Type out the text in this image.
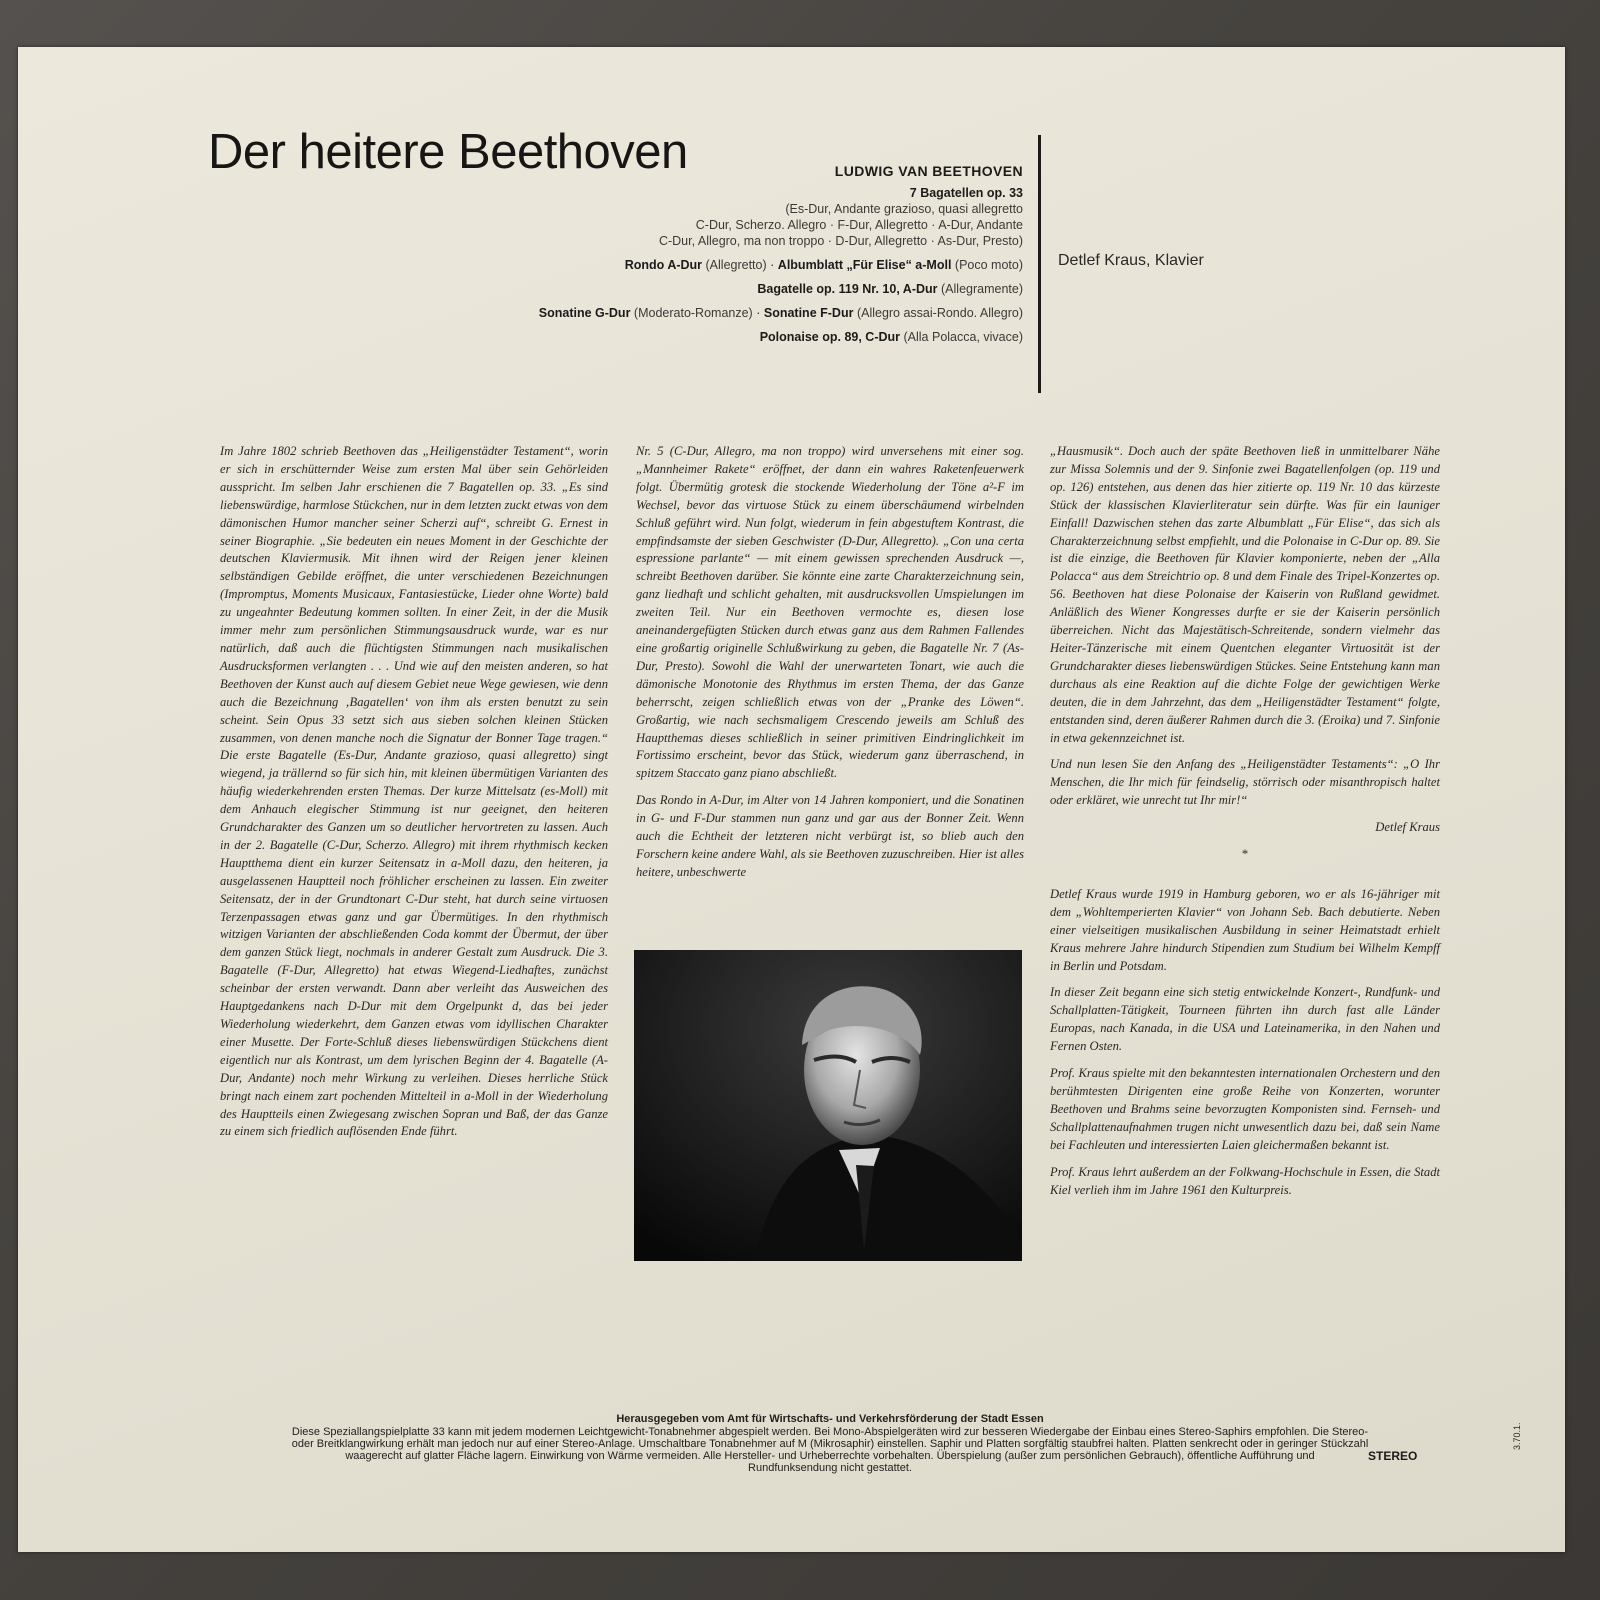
Der heitere Beethoven	LUDWIG VAN BEETHOVEN
7 Bagatellen op. 33
(Es-Dur, Andante grazioso, quasi allegretto
C-Dur, Scherzo. Allegro · F-Dur, Allegretto · A-Dur, Andante
C-Dur, Allegro, ma non troppo · D-Dur, Allegretto · As-Dur, Presto)
Rondo A-Dur (Allegretto) · Albumblatt „Für Elise“ a-Moll (Poco moto)
Bagatelle op. 119 Nr. 10, A-Dur (Allegramente)
Sonatine G-Dur (Moderato-Romanze) · Sonatine F-Dur (Allegro assai-Rondo. Allegro)
Polonaise op. 89, C-Dur (Alla Polacca, vivace)
Detlef Kraus, Klavier

Im Jahre 1802 schrieb Beethoven das „Heiligenstädter Testament“, worin er sich in erschütternder Weise zum ersten Mal über sein Gehörleiden ausspricht. Im selben Jahr erschienen die 7 Bagatellen op. 33. „Es sind liebenswürdige, harmlose Stückchen, nur in dem letzten zuckt etwas von dem dämonischen Humor mancher seiner Scherzi auf“, schreibt G. Ernest in seiner Biographie. „Sie bedeuten ein neues Moment in der Geschichte der deutschen Klaviermusik. Mit ihnen wird der Reigen jener kleinen selbständigen Gebilde eröffnet, die unter verschiedenen Bezeichnungen (Impromptus, Moments Musicaux, Fantasiestücke, Lieder ohne Worte) bald zu ungeahnter Bedeutung kommen sollten. In einer Zeit, in der die Musik immer mehr zum persönlichen Stimmungsausdruck wurde, war es nur natürlich, daß auch die flüchtigsten Stimmungen nach musikalischen Ausdrucksformen verlangten . . . Und wie auf den meisten anderen, so hat Beethoven der Kunst auch auf diesem Gebiet neue Wege gewiesen, wie denn auch die Bezeichnung ‚Bagatellen‘ von ihm als ersten benutzt zu sein scheint. Sein Opus 33 setzt sich aus sieben solchen kleinen Stücken zusammen, von denen manche noch die Signatur der Bonner Tage tragen.“ Die erste Bagatelle (Es-Dur, Andante grazioso, quasi allegretto) singt wiegend, ja trällernd so für sich hin, mit kleinen übermütigen Varianten des häufig wiederkehrenden ersten Themas. Der kurze Mittelsatz (es-Moll) mit dem Anhauch elegischer Stimmung ist nur geeignet, den heiteren Grundcharakter des Ganzen um so deutlicher hervortreten zu lassen. Auch in der 2. Bagatelle (C-Dur, Scherzo. Allegro) mit ihrem rhythmisch kecken Hauptthema dient ein kurzer Seitensatz in a-Moll dazu, den heiteren, ja ausgelassenen Hauptteil noch fröhlicher erscheinen zu lassen. Ein zweiter Seitensatz, der in der Grundtonart C-Dur steht, hat durch seine virtuosen Terzenpassagen etwas ganz und gar Übermütiges. In den rhythmisch witzigen Varianten der abschließenden Coda kommt der Übermut, der über dem ganzen Stück liegt, nochmals in anderer Gestalt zum Ausdruck. Die 3. Bagatelle (F-Dur, Allegretto) hat etwas Wiegend-Liedhaftes, zunächst scheinbar der ersten verwandt. Dann aber verleiht das Ausweichen des Hauptgedankens nach D-Dur mit dem Orgelpunkt d, das bei jeder Wiederholung wiederkehrt, dem Ganzen etwas vom idyllischen Charakter einer Musette. Der Forte-Schluß dieses liebenswürdigen Stückchens dient eigentlich nur als Kontrast, um dem lyrischen Beginn der 4. Bagatelle (A-Dur, Andante) noch mehr Wirkung zu verleihen. Dieses herrliche Stück bringt nach einem zart pochenden Mittelteil in a-Moll in der Wiederholung des Hauptteils einen Zwiegesang zwischen Sopran und Baß, der das Ganze zu einem sich friedlich auflösenden Ende führt.

Nr. 5 (C-Dur, Allegro, ma non troppo) wird unversehens mit einer sog. „Mannheimer Rakete“ eröffnet, der dann ein wahres Raketenfeuerwerk folgt. Übermütig grotesk die stockende Wiederholung der Töne a²-F im Wechsel, bevor das virtuose Stück zu einem überschäumend wirbelnden Schluß geführt wird. Nun folgt, wiederum in fein abgestuftem Kontrast, die empfindsamste der sieben Geschwister (D-Dur, Allegretto). „Con una certa espressione parlante“ — mit einem gewissen sprechenden Ausdruck —, schreibt Beethoven darüber. Sie könnte eine zarte Charakterzeichnung sein, ganz liedhaft und schlicht gehalten, mit ausdrucksvollen Umspielungen im zweiten Teil. Nur ein Beethoven vermochte es, diesen lose aneinandergefügten Stücken durch etwas ganz aus dem Rahmen Fallendes eine großartig originelle Schlußwirkung zu geben, die Bagatelle Nr. 7 (As-Dur, Presto). Sowohl die Wahl der unerwarteten Tonart, wie auch die dämonische Monotonie des Rhythmus im ersten Thema, der das Ganze beherrscht, zeigen schließlich etwas von der „Pranke des Löwen“. Großartig, wie nach sechsmaligem Crescendo jeweils am Schluß des Hauptthemas dieses schließlich in seiner primitiven Eindringlichkeit im Fortissimo erscheint, bevor das Stück, wiederum ganz überraschend, in spitzem Staccato ganz piano abschließt.

Das Rondo in A-Dur, im Alter von 14 Jahren komponiert, und die Sonatinen in G- und F-Dur stammen nun ganz und gar aus der Bonner Zeit. Wenn auch die Echtheit der letzteren nicht verbürgt ist, so blieb auch den Forschern keine andere Wahl, als sie Beethoven zuzuschreiben. Hier ist alles heitere, unbeschwerte

„Hausmusik“. Doch auch der späte Beethoven ließ in unmittelbarer Nähe zur Missa Solemnis und der 9. Sinfonie zwei Bagatellenfolgen (op. 119 und op. 126) entstehen, aus denen das hier zitierte op. 119 Nr. 10 das kürzeste Stück der klassischen Klavierliteratur sein dürfte. Was für ein launiger Einfall! Dazwischen stehen das zarte Albumblatt „Für Elise“, das sich als Charakterzeichnung selbst empfiehlt, und die Polonaise in C-Dur op. 89. Sie ist die einzige, die Beethoven für Klavier komponierte, neben der „Alla Polacca“ aus dem Streichtrio op. 8 und dem Finale des Tripel-Konzertes op. 56. Beethoven hat diese Polonaise der Kaiserin von Rußland gewidmet. Anläßlich des Wiener Kongresses durfte er sie der Kaiserin persönlich überreichen. Nicht das Majestätisch-Schreitende, sondern vielmehr das Heiter-Tänzerische mit einem Quentchen eleganter Virtuosität ist der Grundcharakter dieses liebenswürdigen Stückes. Seine Entstehung kann man durchaus als eine Reaktion auf die dichte Folge der gewichtigen Werke deuten, die in dem Jahrzehnt, das dem „Heiligenstädter Testament“ folgte, entstanden sind, deren äußerer Rahmen durch die 3. (Eroika) und 7. Sinfonie in etwa gekennzeichnet ist.

Und nun lesen Sie den Anfang des „Heiligenstädter Testaments“: „O Ihr Menschen, die Ihr mich für feindselig, störrisch oder misanthropisch haltet oder erkläret, wie unrecht tut Ihr mir!“

Detlef Kraus

*

Detlef Kraus wurde 1919 in Hamburg geboren, wo er als 16-jähriger mit dem „Wohltemperierten Klavier“ von Johann Seb. Bach debutierte. Neben einer vielseitigen musikalischen Ausbildung in seiner Heimatstadt erhielt Kraus mehrere Jahre hindurch Stipendien zum Studium bei Wilhelm Kempff in Berlin und Potsdam.

In dieser Zeit begann eine sich stetig entwickelnde Konzert-, Rundfunk- und Schallplatten-Tätigkeit, Tourneen führten ihn durch fast alle Länder Europas, nach Kanada, in die USA und Lateinamerika, in den Nahen und Fernen Osten.

Prof. Kraus spielte mit den bekanntesten internationalen Orchestern und den berühmtesten Dirigenten eine große Reihe von Konzerten, worunter Beethoven und Brahms seine bevorzugten Komponisten sind. Fernseh- und Schallplattenaufnahmen trugen nicht unwesentlich dazu bei, daß sein Name bei Fachleuten und interessierten Laien gleichermaßen bekannt ist.

Prof. Kraus lehrt außerdem an der Folkwang-Hochschule in Essen, die Stadt Kiel verlieh ihm im Jahre 1961 den Kulturpreis.

Herausgegeben vom Amt für Wirtschafts- und Verkehrsförderung der Stadt Essen
Diese Speziallangspielplatte 33 kann mit jedem modernen Leichtgewicht-Tonabnehmer abgespielt werden. Bei Mono-Abspielgeräten wird zur besseren Wiedergabe der Einbau eines Stereo-Saphirs empfohlen. Die Stereo-
oder Breitklangwirkung erhält man jedoch nur auf einer Stereo-Anlage. Umschaltbare Tonabnehmer auf M (Mikrosaphir) einstellen. Saphir und Platten sorgfältig staubfrei halten. Platten senkrecht oder in geringer Stückzahl
waagerecht auf glatter Fläche lagern. Einwirkung von Wärme vermeiden. Alle Hersteller- und Urheberrechte vorbehalten. Überspielung (außer zum persönlichen Gebrauch), öffentliche Aufführung und
Rundfunksendung nicht gestattet.
STEREO
3.70.1.
